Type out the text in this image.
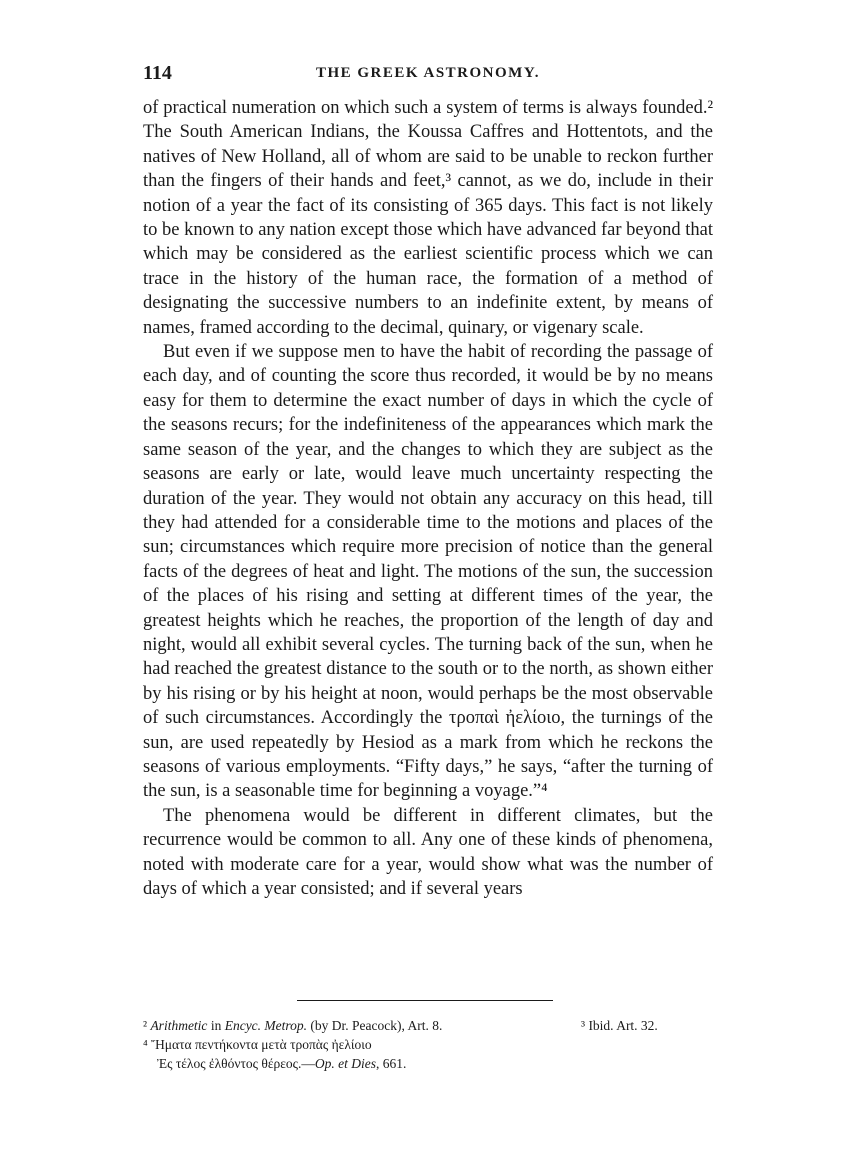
114	THE GREEK ASTRONOMY.

of practical numeration on which such a system of terms is always founded.² The South American Indians, the Koussa Caffres and Hottentots, and the natives of New Holland, all of whom are said to be unable to reckon further than the fingers of their hands and feet,³ cannot, as we do, include in their notion of a year the fact of its consisting of 365 days. This fact is not likely to be known to any nation except those which have advanced far beyond that which may be considered as the earliest scientific process which we can trace in the history of the human race, the formation of a method of designating the successive numbers to an indefinite extent, by means of names, framed according to the decimal, quinary, or vigenary scale.

But even if we suppose men to have the habit of recording the passage of each day, and of counting the score thus recorded, it would be by no means easy for them to determine the exact number of days in which the cycle of the seasons recurs; for the indefiniteness of the appearances which mark the same season of the year, and the changes to which they are subject as the seasons are early or late, would leave much uncertainty respecting the duration of the year. They would not obtain any accuracy on this head, till they had attended for a considerable time to the motions and places of the sun; circumstances which require more precision of notice than the general facts of the degrees of heat and light. The motions of the sun, the succession of the places of his rising and setting at different times of the year, the greatest heights which he reaches, the proportion of the length of day and night, would all exhibit several cycles. The turning back of the sun, when he had reached the greatest distance to the south or to the north, as shown either by his rising or by his height at noon, would perhaps be the most observable of such circumstances. Accordingly the τροπαὶ ἠελίοιο, the turnings of the sun, are used repeatedly by Hesiod as a mark from which he reckons the seasons of various employments. “Fifty days,” he says, “after the turning of the sun, is a seasonable time for beginning a voyage.”⁴

The phenomena would be different in different climates, but the recurrence would be common to all. Any one of these kinds of phenomena, noted with moderate care for a year, would show what was the number of days of which a year consisted; and if several years

² Arithmetic in Encyc. Metrop. (by Dr. Peacock), Art. 8.	³ Ibid. Art. 32.
⁴ Ἤματα πεντήκοντα μετὰ τροπὰς ἠελίοιο
Ἐς τέλος ἐλθόντος θέρεος.—Op. et Dies, 661.
